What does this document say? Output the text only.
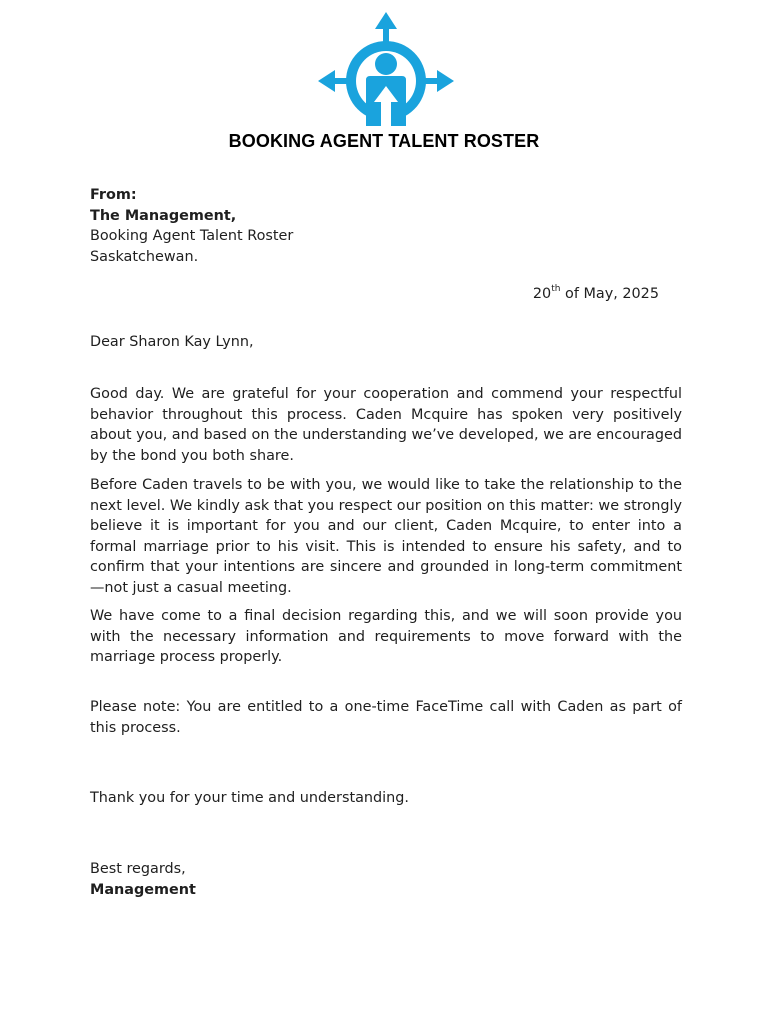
BOOKING AGENT TALENT ROSTER
From:
The Management,
Booking Agent Talent Roster
Saskatchewan.
20th of May, 2025
Dear Sharon Kay Lynn,
Good day. We are grateful for your cooperation and commend your respectful behavior throughout this process. Caden Mcquire has spoken very positively about you, and based on the understanding we’ve developed, we are encouraged by the bond you both share.
Before Caden travels to be with you, we would like to take the relationship to the next level. We kindly ask that you respect our position on this matter: we strongly believe it is important for you and our client, Caden Mcquire, to enter into a formal marriage prior to his visit. This is intended to ensure his safety, and to confirm that your intentions are sincere and grounded in long-term commitment—not just a casual meeting.
We have come to a final decision regarding this, and we will soon provide you with the necessary information and requirements to move forward with the marriage process properly.
Please note: You are entitled to a one-time FaceTime call with Caden as part of this process.
Thank you for your time and understanding.
Best regards,
Management
